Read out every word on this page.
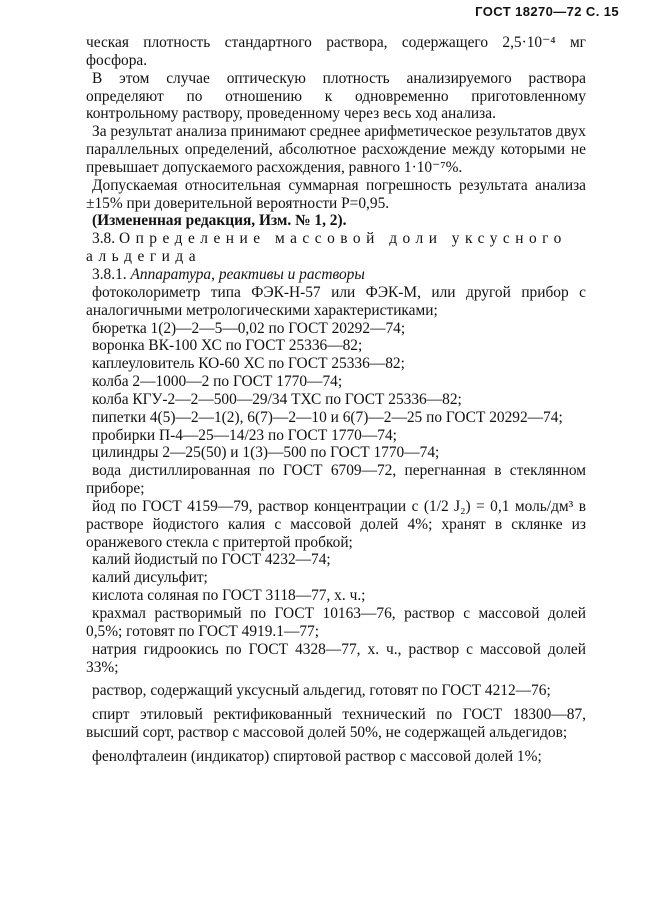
ГОСТ 18270—72 С. 15

ческая плотность стандартного раствора, содержащего 2,5·10⁻⁴ мг фосфора.

В этом случае оптическую плотность анализируемого раствора определяют по отношению к одновременно приготовленному контрольному раствору, проведенному через весь ход анализа.

За результат анализа принимают среднее арифметическое результатов двух параллельных определений, абсолютное расхождение между которыми не превышает допускаемого расхождения, равного 1·10⁻⁷%.

Допускаемая относительная суммарная погрешность результата анализа ±15% при доверительной вероятности P=0,95.

(Измененная редакция, Изм. № 1, 2).

3.8. Определение массовой доли уксусного альдегида

3.8.1. Аппаратура, реактивы и растворы

фотоколориметр типа ФЭК-Н-57 или ФЭК-М, или другой прибор с аналогичными метрологическими характеристиками;

бюретка 1(2)—2—5—0,02 по ГОСТ 20292—74;

воронка ВК-100 ХС по ГОСТ 25336—82;

каплеуловитель КО-60 ХС по ГОСТ 25336—82;

колба 2—1000—2 по ГОСТ 1770—74;

колба КГУ-2—2—500—29/34 ТХС по ГОСТ 25336—82;

пипетки 4(5)—2—1(2), 6(7)—2—10 и 6(7)—2—25 по ГОСТ 20292—74;

пробирки П-4—25—14/23 по ГОСТ 1770—74;

цилиндры 2—25(50) и 1(3)—500 по ГОСТ 1770—74;

вода дистиллированная по ГОСТ 6709—72, перегнанная в стеклянном приборе;

йод по ГОСТ 4159—79, раствор концентрации с (1/2 J₂) = 0,1 моль/дм³ в растворе йодистого калия с массовой долей 4%; хранят в склянке из оранжевого стекла с притертой пробкой;

калий йодистый по ГОСТ 4232—74;

калий дисульфит;

кислота соляная по ГОСТ 3118—77, х. ч.;

крахмал растворимый по ГОСТ 10163—76, раствор с массовой долей 0,5%; готовят по ГОСТ 4919.1—77;

натрия гидроокись по ГОСТ 4328—77, х. ч., раствор с массовой долей 33%;

раствор, содержащий уксусный альдегид, готовят по ГОСТ 4212—76;

спирт этиловый ректификованный технический по ГОСТ 18300—87, высший сорт, раствор с массовой долей 50%, не содержащей альдегидов;

фенолфталеин (индикатор) спиртовой раствор с массовой долей 1%;
